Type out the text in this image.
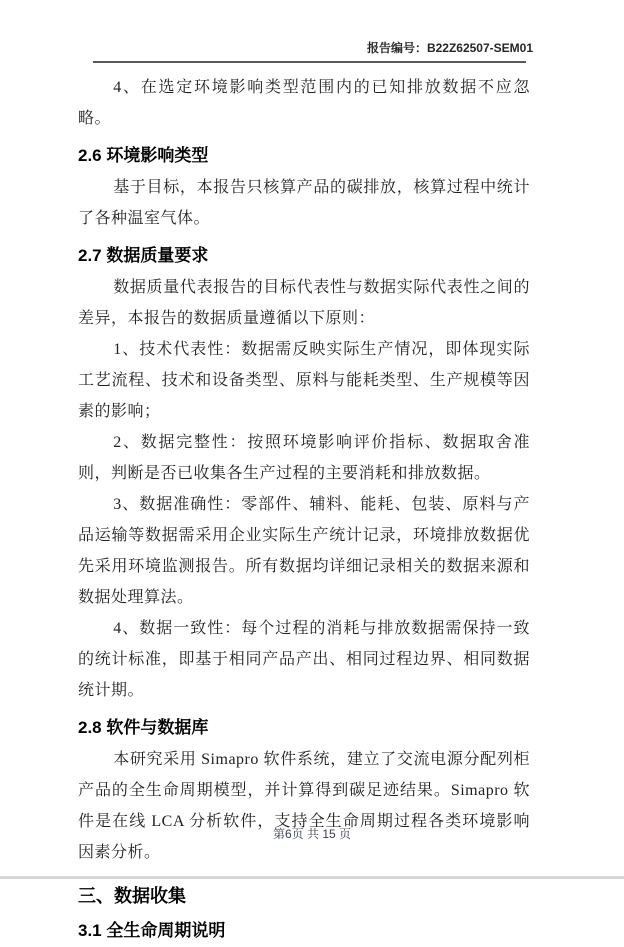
报告编号：B22Z62507-SEM01

4、在选定环境影响类型范围内的已知排放数据不应忽略。

2.6 环境影响类型

基于目标，本报告只核算产品的碳排放，核算过程中统计了各种温室气体。

2.7 数据质量要求

数据质量代表报告的目标代表性与数据实际代表性之间的差异，本报告的数据质量遵循以下原则：

1、技术代表性：数据需反映实际生产情况，即体现实际工艺流程、技术和设备类型、原料与能耗类型、生产规模等因素的影响；

2、数据完整性：按照环境影响评价指标、数据取舍准则，判断是否已收集各生产过程的主要消耗和排放数据。

3、数据准确性：零部件、辅料、能耗、包装、原料与产品运输等数据需采用企业实际生产统计记录，环境排放数据优先采用环境监测报告。所有数据均详细记录相关的数据来源和数据处理算法。

4、数据一致性：每个过程的消耗与排放数据需保持一致的统计标准，即基于相同产品产出、相同过程边界、相同数据统计期。

2.8 软件与数据库

本研究采用 Simapro 软件系统，建立了交流电源分配列柜产品的全生命周期模型，并计算得到碳足迹结果。Simapro 软件是在线 LCA 分析软件，支持全生命周期过程各类环境影响因素分析。

三、数据收集
3.1 全生命周期说明
第6页 共 15 页
